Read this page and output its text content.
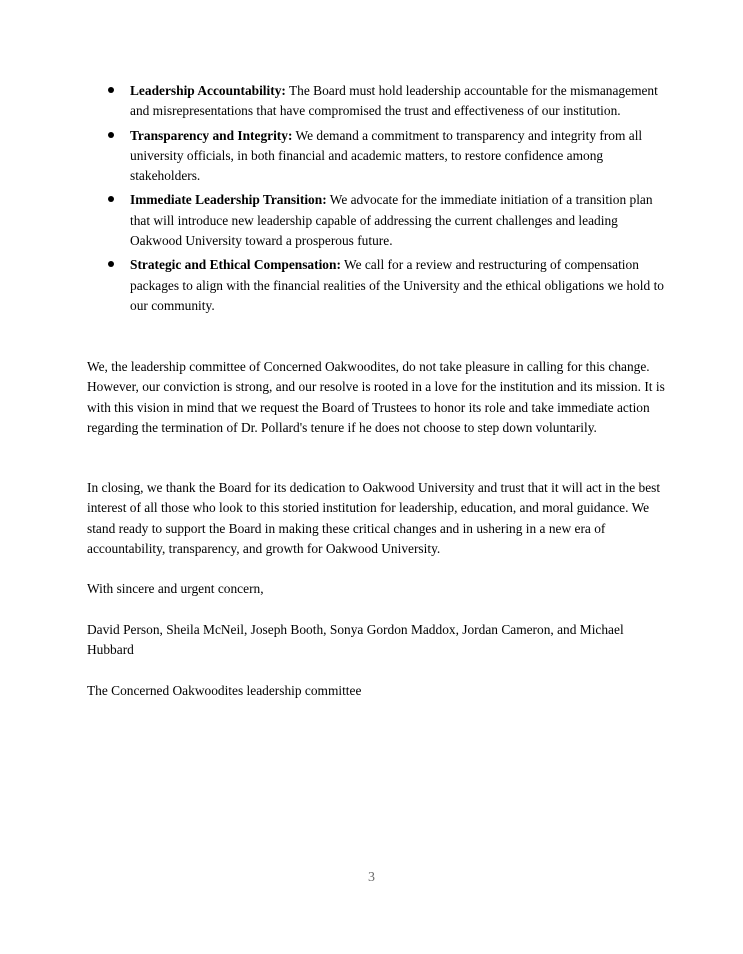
Leadership Accountability: The Board must hold leadership accountable for the mismanagement and misrepresentations that have compromised the trust and effectiveness of our institution.
Transparency and Integrity: We demand a commitment to transparency and integrity from all university officials, in both financial and academic matters, to restore confidence among stakeholders.
Immediate Leadership Transition: We advocate for the immediate initiation of a transition plan that will introduce new leadership capable of addressing the current challenges and leading Oakwood University toward a prosperous future.
Strategic and Ethical Compensation: We call for a review and restructuring of compensation packages to align with the financial realities of the University and the ethical obligations we hold to our community.

We, the leadership committee of Concerned Oakwoodites, do not take pleasure in calling for this change. However, our conviction is strong, and our resolve is rooted in a love for the institution and its mission. It is with this vision in mind that we request the Board of Trustees to honor its role and take immediate action regarding the termination of Dr. Pollard's tenure if he does not choose to step down voluntarily.

In closing, we thank the Board for its dedication to Oakwood University and trust that it will act in the best interest of all those who look to this storied institution for leadership, education, and moral guidance. We stand ready to support the Board in making these critical changes and in ushering in a new era of accountability, transparency, and growth for Oakwood University.

With sincere and urgent concern,

David Person, Sheila McNeil, Joseph Booth, Sonya Gordon Maddox, Jordan Cameron, and Michael Hubbard

The Concerned Oakwoodites leadership committee

3
